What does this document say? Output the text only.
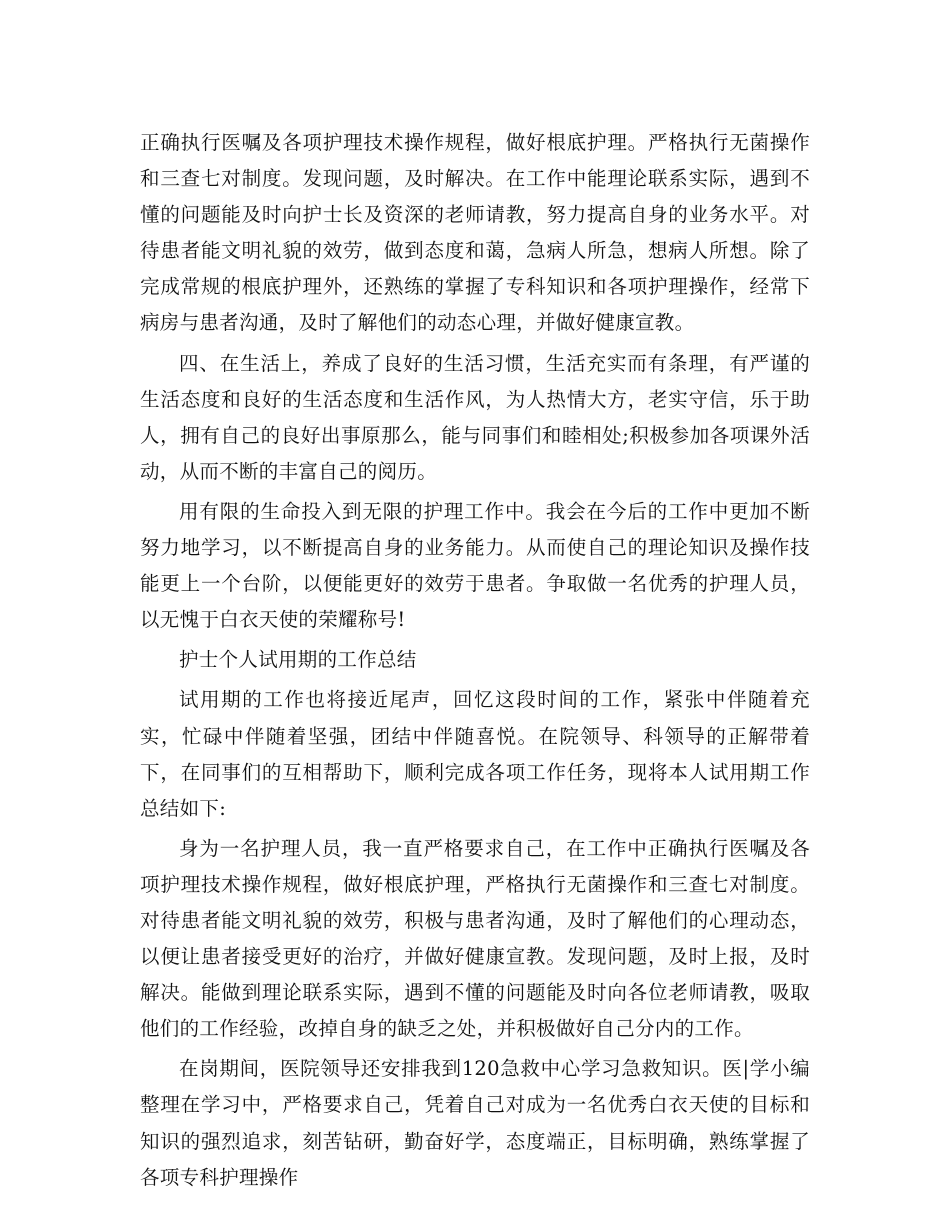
正确执行医嘱及各项护理技术操作规程，做好根底护理。严格执行无菌操作和三查七对制度。发现问题，及时解决。在工作中能理论联系实际，遇到不懂的问题能及时向护士长及资深的老师请教，努力提高自身的业务水平。对待患者能文明礼貌的效劳，做到态度和蔼，急病人所急，想病人所想。除了完成常规的根底护理外，还熟练的掌握了专科知识和各项护理操作，经常下病房与患者沟通，及时了解他们的动态心理，并做好健康宣教。

四、在生活上，养成了良好的生活习惯，生活充实而有条理，有严谨的生活态度和良好的生活态度和生活作风，为人热情大方，老实守信，乐于助人，拥有自己的良好出事原那么，能与同事们和睦相处;积极参加各项课外活动，从而不断的丰富自己的阅历。

用有限的生命投入到无限的护理工作中。我会在今后的工作中更加不断努力地学习，以不断提高自身的业务能力。从而使自己的理论知识及操作技能更上一个台阶，以便能更好的效劳于患者。争取做一名优秀的护理人员，以无愧于白衣天使的荣耀称号!

护士个人试用期的工作总结

试用期的工作也将接近尾声，回忆这段时间的工作，紧张中伴随着充实，忙碌中伴随着坚强，团结中伴随喜悦。在院领导、科领导的正解带着下，在同事们的互相帮助下，顺利完成各项工作任务，现将本人试用期工作总结如下:

身为一名护理人员，我一直严格要求自己，在工作中正确执行医嘱及各项护理技术操作规程，做好根底护理，严格执行无菌操作和三查七对制度。对待患者能文明礼貌的效劳，积极与患者沟通，及时了解他们的心理动态，以便让患者接受更好的治疗，并做好健康宣教。发现问题，及时上报，及时解决。能做到理论联系实际，遇到不懂的问题能及时向各位老师请教，吸取他们的工作经验，改掉自身的缺乏之处，并积极做好自己分内的工作。

在岗期间，医院领导还安排我到120急救中心学习急救知识。医|学小编整理在学习中，严格要求自己，凭着自己对成为一名优秀白衣天使的目标和知识的强烈追求，刻苦钻研，勤奋好学，态度端正，目标明确，熟练掌握了各项专科护理操作
